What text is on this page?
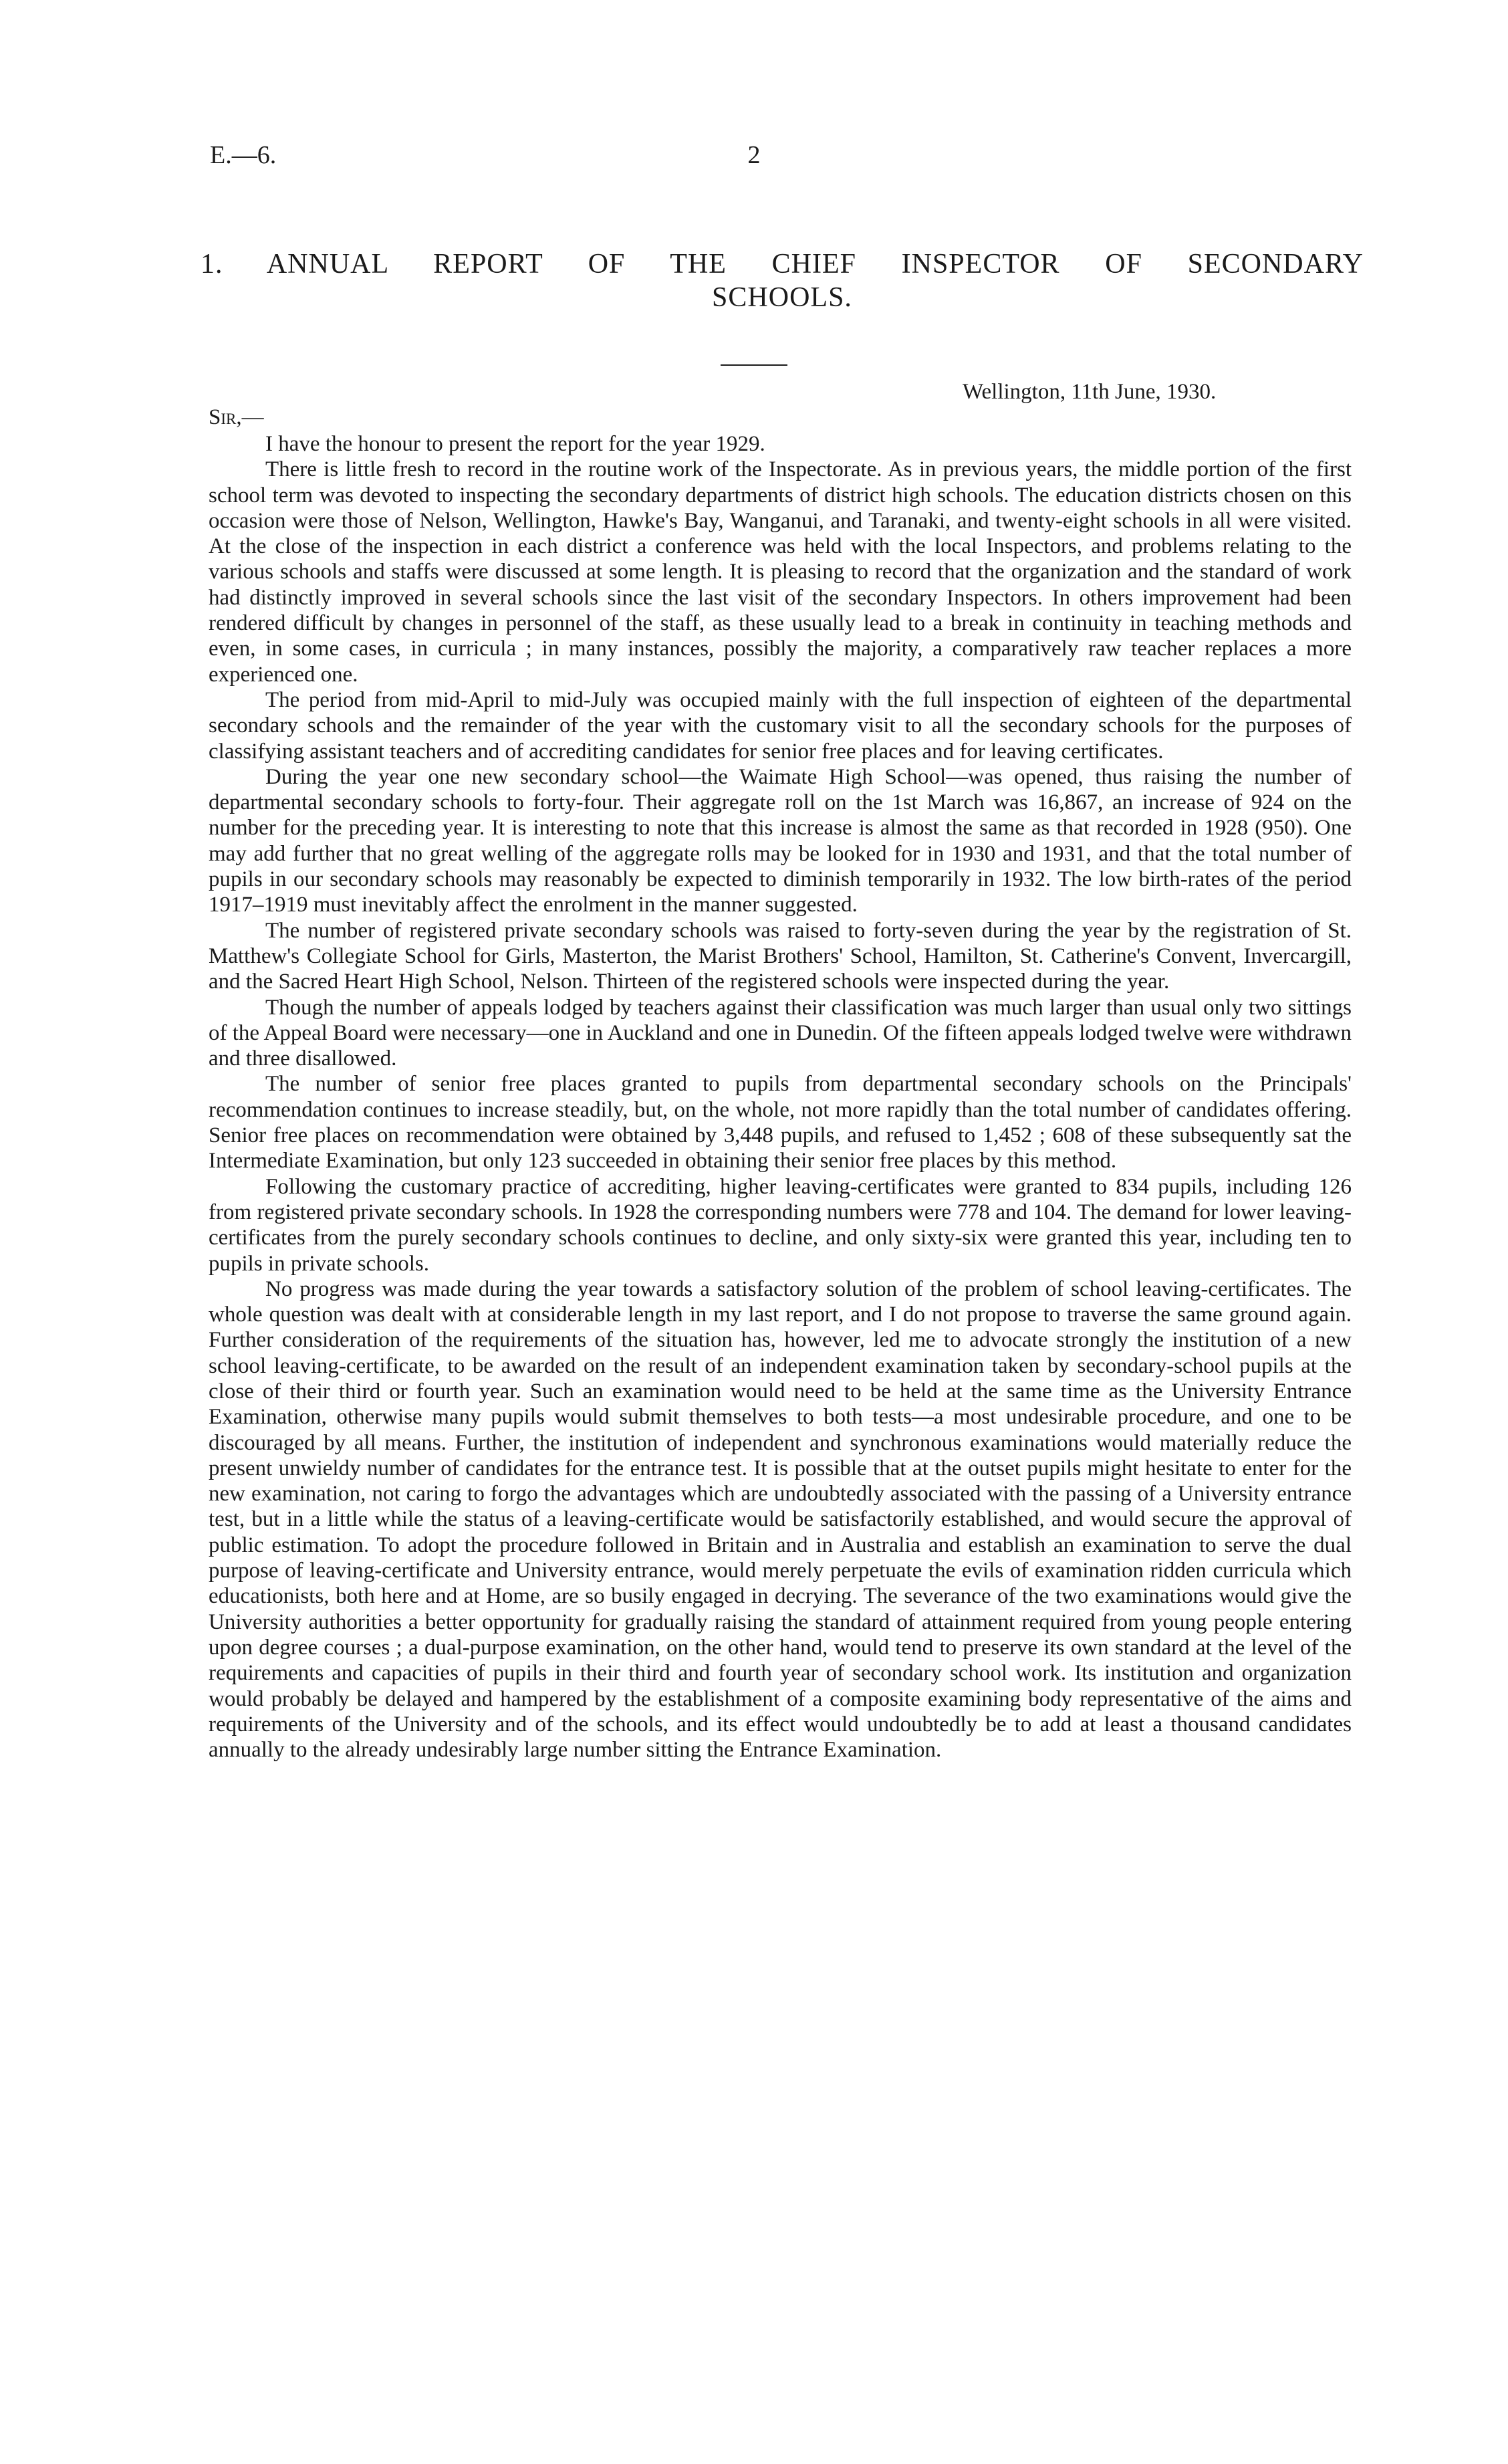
E.—6.	2
1. ANNUAL REPORT OF THE CHIEF INSPECTOR OF SECONDARY
SCHOOLS.
Wellington, 11th June, 1930.
Sir,—

I have the honour to present the report for the year 1929.

There is little fresh to record in the routine work of the Inspectorate. As in previous years, the middle portion of the first school term was devoted to inspecting the secondary departments of district high schools. The education districts chosen on this occasion were those of Nelson, Wellington, Hawke's Bay, Wanganui, and Taranaki, and twenty-eight schools in all were visited. At the close of the inspection in each district a conference was held with the local Inspectors, and problems relating to the various schools and staffs were discussed at some length. It is pleasing to record that the organization and the standard of work had distinctly improved in several schools since the last visit of the secondary Inspectors. In others improvement had been rendered difficult by changes in personnel of the staff, as these usually lead to a break in continuity in teaching methods and even, in some cases, in curricula ; in many instances, possibly the majority, a comparatively raw teacher replaces a more experienced one.

The period from mid-April to mid-July was occupied mainly with the full inspection of eighteen of the departmental secondary schools and the remainder of the year with the customary visit to all the secondary schools for the purposes of classifying assistant teachers and of accrediting candidates for senior free places and for leaving certificates.

During the year one new secondary school—the Waimate High School—was opened, thus raising the number of departmental secondary schools to forty-four. Their aggregate roll on the 1st March was 16,867, an increase of 924 on the number for the preceding year. It is interesting to note that this increase is almost the same as that recorded in 1928 (950). One may add further that no great welling of the aggregate rolls may be looked for in 1930 and 1931, and that the total number of pupils in our secondary schools may reasonably be expected to diminish temporarily in 1932. The low birth-rates of the period 1917–1919 must inevitably affect the enrolment in the manner suggested.

The number of registered private secondary schools was raised to forty-seven during the year by the registration of St. Matthew's Collegiate School for Girls, Masterton, the Marist Brothers' School, Hamilton, St. Catherine's Convent, Invercargill, and the Sacred Heart High School, Nelson. Thirteen of the registered schools were inspected during the year.

Though the number of appeals lodged by teachers against their classification was much larger than usual only two sittings of the Appeal Board were necessary—one in Auckland and one in Dunedin. Of the fifteen appeals lodged twelve were withdrawn and three disallowed.

The number of senior free places granted to pupils from departmental secondary schools on the Principals' recommendation continues to increase steadily, but, on the whole, not more rapidly than the total number of candidates offering. Senior free places on recommendation were obtained by 3,448 pupils, and refused to 1,452 ; 608 of these subsequently sat the Intermediate Examination, but only 123 succeeded in obtaining their senior free places by this method.

Following the customary practice of accrediting, higher leaving-certificates were granted to 834 pupils, including 126 from registered private secondary schools. In 1928 the corresponding numbers were 778 and 104. The demand for lower leaving-certificates from the purely secondary schools continues to decline, and only sixty-six were granted this year, including ten to pupils in private schools.

No progress was made during the year towards a satisfactory solution of the problem of school leaving-certificates. The whole question was dealt with at considerable length in my last report, and I do not propose to traverse the same ground again. Further consideration of the requirements of the situation has, however, led me to advocate strongly the institution of a new school leaving-certificate, to be awarded on the result of an independent examination taken by secondary-school pupils at the close of their third or fourth year. Such an examination would need to be held at the same time as the University Entrance Examination, otherwise many pupils would submit themselves to both tests—a most undesirable procedure, and one to be discouraged by all means. Further, the institution of independent and synchronous examinations would materially reduce the present unwieldy number of candidates for the entrance test. It is possible that at the outset pupils might hesitate to enter for the new examination, not caring to forgo the advantages which are undoubtedly associated with the passing of a University entrance test, but in a little while the status of a leaving-certificate would be satisfactorily established, and would secure the approval of public estimation. To adopt the procedure followed in Britain and in Australia and establish an examination to serve the dual purpose of leaving-certificate and University entrance, would merely perpetuate the evils of examination ridden curricula which educationists, both here and at Home, are so busily engaged in decrying. The severance of the two examinations would give the University authorities a better opportunity for gradually raising the standard of attainment required from young people entering upon degree courses ; a dual-purpose examination, on the other hand, would tend to preserve its own standard at the level of the requirements and capacities of pupils in their third and fourth year of secondary school work. Its institution and organization would probably be delayed and hampered by the establishment of a composite examining body representative of the aims and requirements of the University and of the schools, and its effect would undoubtedly be to add at least a thousand candidates annually to the already undesirably large number sitting the Entrance Examination.
